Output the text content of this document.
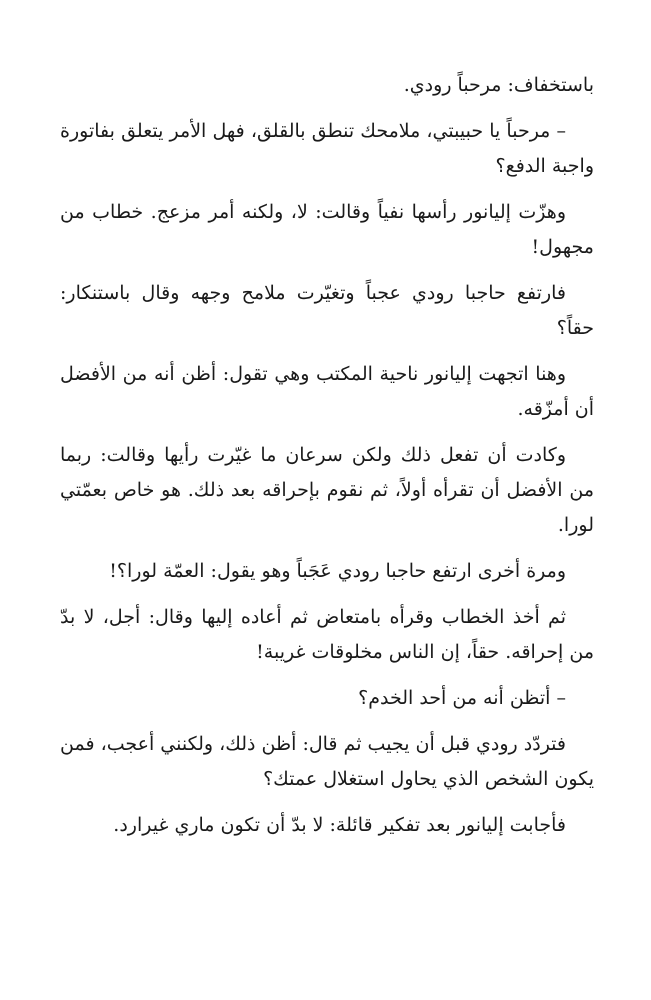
باستخفاف: مرحباً رودي.

– مرحباً يا حبيبتي، ملامحك تنطق بالقلق، فهل الأمر يتعلق بفاتورة واجبة الدفع؟

وهزّت إليانور رأسها نفياً وقالت: لا، ولكنه أمر مزعج. خطاب من مجهول!

فارتفع حاجبا رودي عجباً وتغيّرت ملامح وجهه وقال باستنكار: حقاً؟

وهنا اتجهت إليانور ناحية المكتب وهي تقول: أظن أنه من الأفضل أن أمزّقه.

وكادت أن تفعل ذلك ولكن سرعان ما غيّرت رأيها وقالت: ربما من الأفضل أن تقرأه أولاً، ثم نقوم بإحراقه بعد ذلك. هو خاص بعمّتي لورا.

ومرة أخرى ارتفع حاجبا رودي عَجَباً وهو يقول: العمّة لورا؟!

ثم أخذ الخطاب وقرأه بامتعاض ثم أعاده إليها وقال: أجل، لا بدّ من إحراقه. حقاً، إن الناس مخلوقات غريبة!

– أتظن أنه من أحد الخدم؟

فتردّد رودي قبل أن يجيب ثم قال: أظن ذلك، ولكنني أعجب، فمن يكون الشخص الذي يحاول استغلال عمتك؟

فأجابت إليانور بعد تفكير قائلة: لا بدّ أن تكون ماري غيرارد.
